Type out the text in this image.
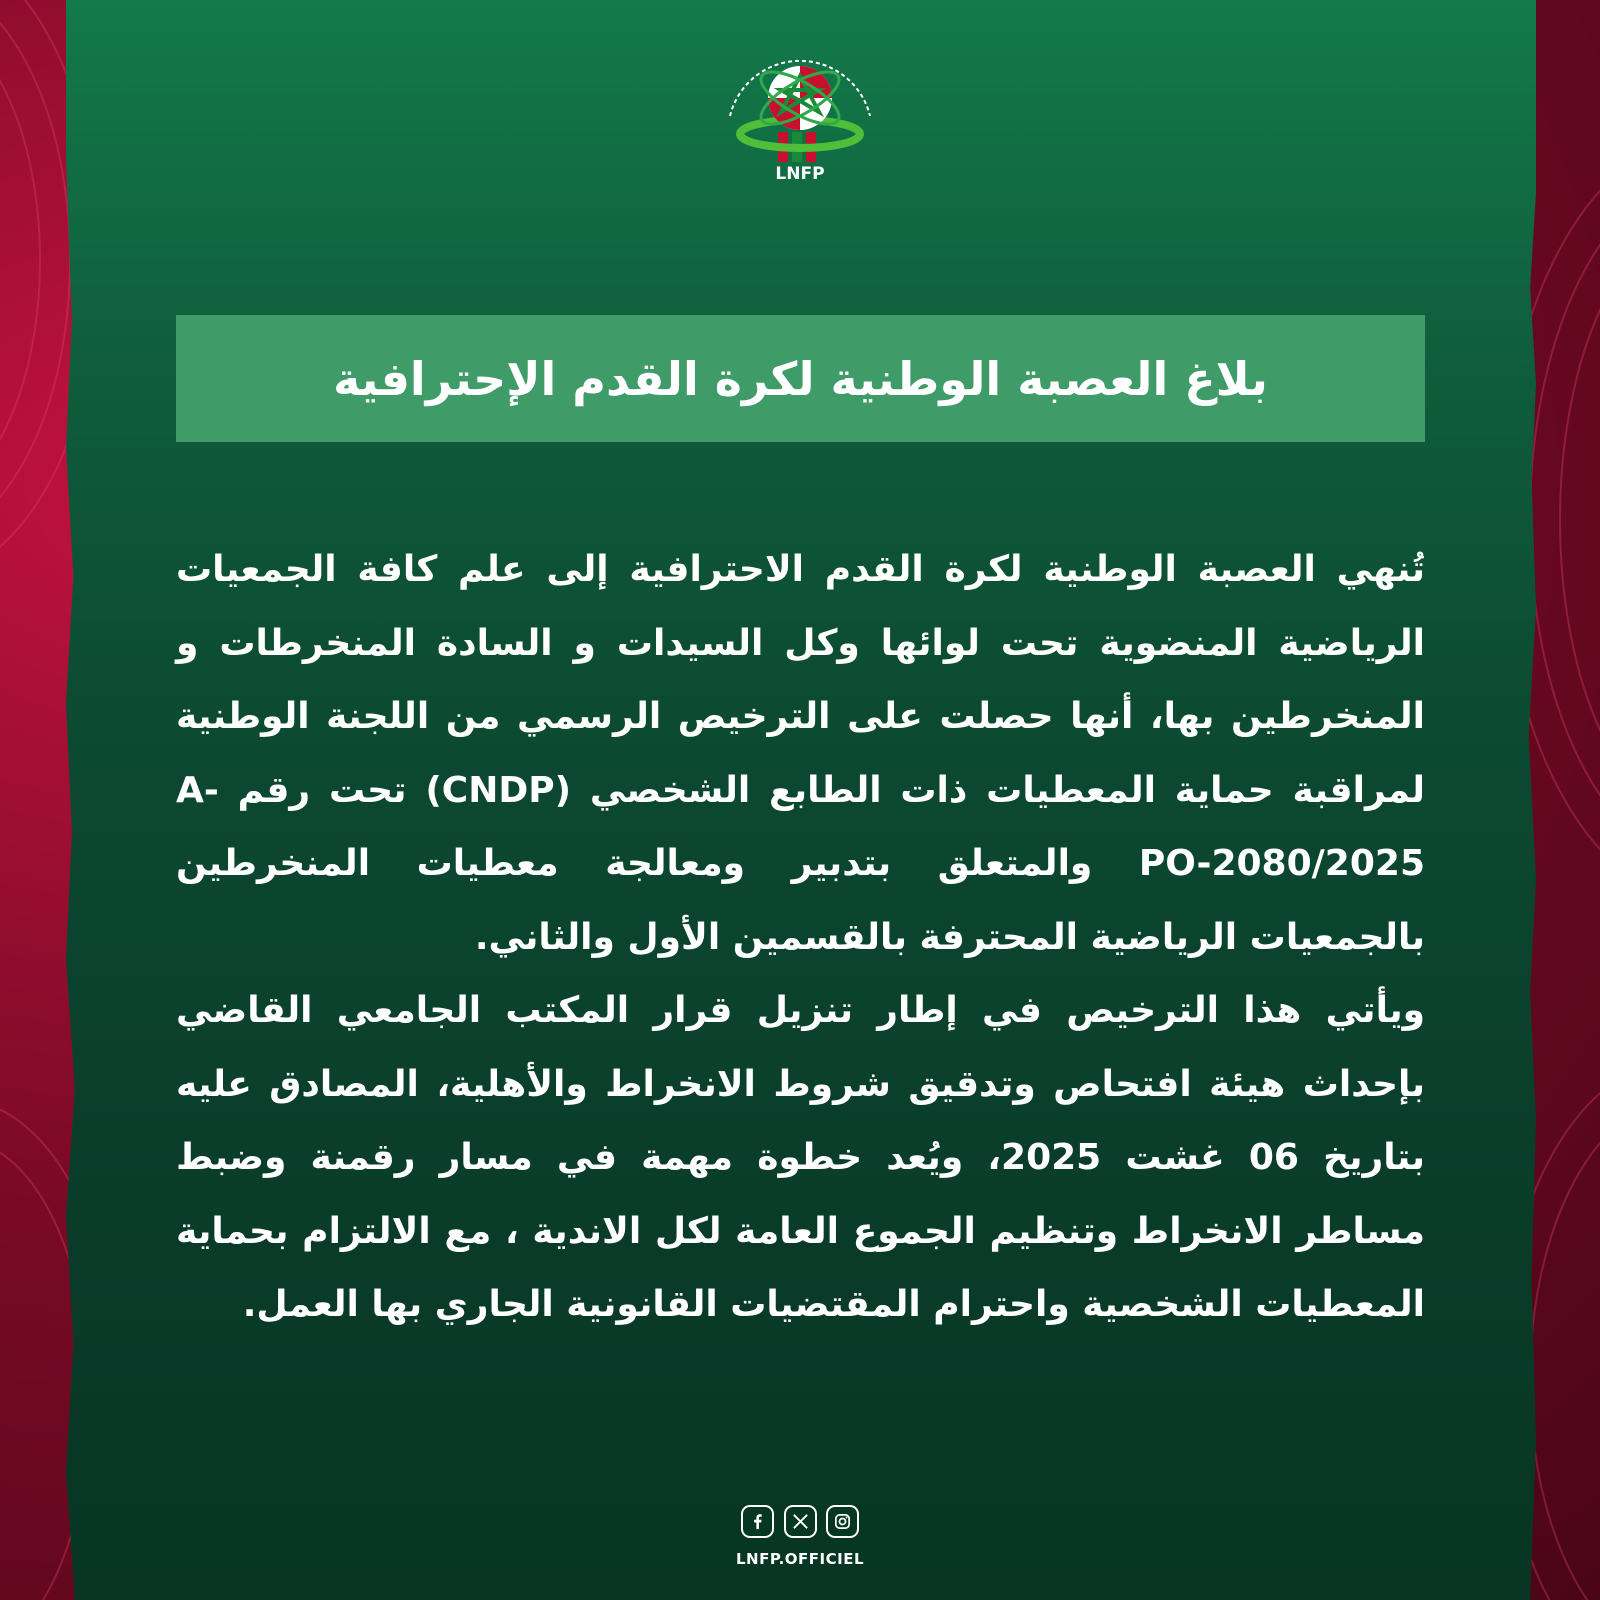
LNFP
بلاغ العصبة الوطنية لكرة القدم الإحترافية

تُنهي العصبة الوطنية لكرة القدم الاحترافية إلى علم كافة الجمعيات الرياضية المنضوية تحت لوائها وكل السيدات و السادة المنخرطات و المنخرطين بها، أنها حصلت على الترخيص الرسمي من اللجنة الوطنية لمراقبة حماية المعطيات ذات الطابع الشخصي (CNDP) تحت رقم A-PO-2080/2025 والمتعلق بتدبير ومعالجة معطيات المنخرطين بالجمعيات الرياضية المحترفة بالقسمين الأول والثاني.

ويأتي هذا الترخيص في إطار تنزيل قرار المكتب الجامعي القاضي بإحداث هيئة افتحاص وتدقيق شروط الانخراط والأهلية، المصادق عليه بتاريخ 06 غشت 2025، ويُعد خطوة مهمة في مسار رقمنة وضبط مساطر الانخراط وتنظيم الجموع العامة لكل الاندية ، مع الالتزام بحماية المعطيات الشخصية واحترام المقتضيات القانونية الجاري بها العمل.

LNFP.OFFICIEL
